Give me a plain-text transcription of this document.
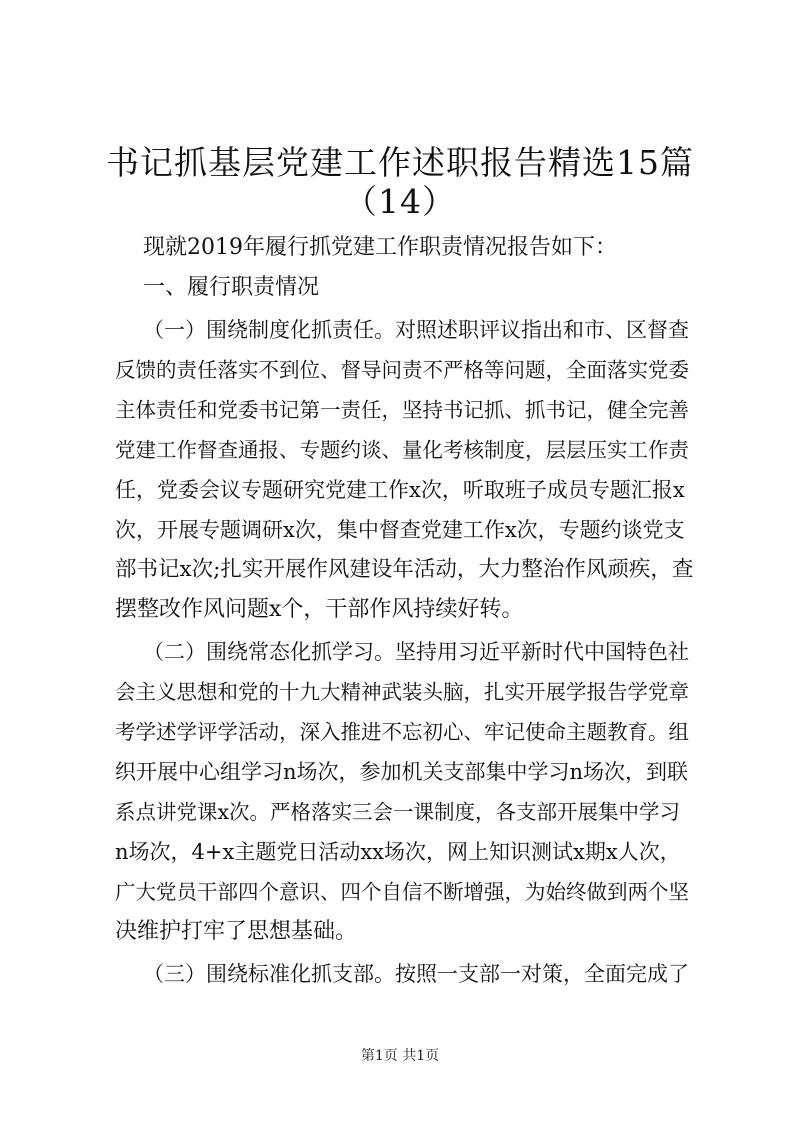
书记抓基层党建工作述职报告精选15篇
（14）

现就2019年履行抓党建工作职责情况报告如下：

一、履行职责情况

（一）围绕制度化抓责任。对照述职评议指出和市、区督查

反馈的责任落实不到位、督导问责不严格等问题，全面落实党委

主体责任和党委书记第一责任，坚持书记抓、抓书记，健全完善

党建工作督查通报、专题约谈、量化考核制度，层层压实工作责

任，党委会议专题研究党建工作x次，听取班子成员专题汇报x

次，开展专题调研x次，集中督查党建工作x次，专题约谈党支

部书记x次;扎实开展作风建设年活动，大力整治作风顽疾，查

摆整改作风问题x个，干部作风持续好转。

（二）围绕常态化抓学习。坚持用习近平新时代中国特色社

会主义思想和党的十九大精神武装头脑，扎实开展学报告学党章

考学述学评学活动，深入推进不忘初心、牢记使命主题教育。组

织开展中心组学习n场次，参加机关支部集中学习n场次，到联

系点讲党课x次。严格落实三会一课制度，各支部开展集中学习

n场次，4+x主题党日活动xx场次，网上知识测试x期x人次，

广大党员干部四个意识、四个自信不断增强，为始终做到两个坚

决维护打牢了思想基础。

（三）围绕标准化抓支部。按照一支部一对策，全面完成了

第1页 共1页
